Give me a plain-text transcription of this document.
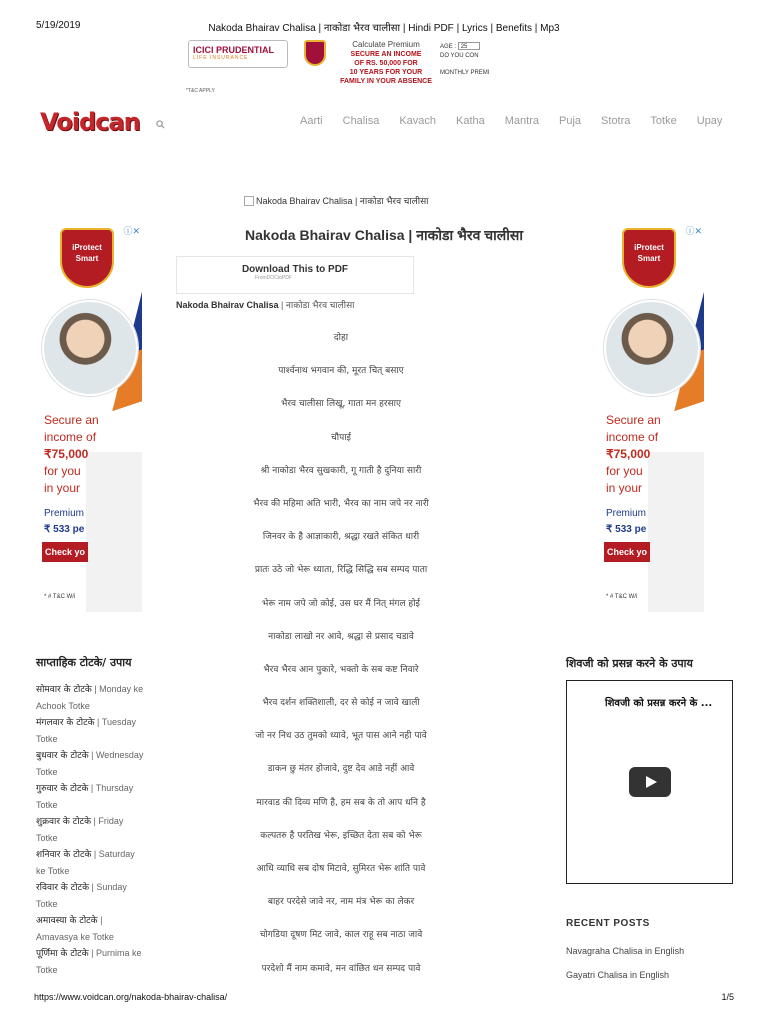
5/19/2019	Nakoda Bhairav Chalisa | नाकोडा भैरव चालीसा | Hindi PDF | Lyrics | Benefits | Mp3
ICICI PRUDENTIAL
LIFE INSURANCE
Calculate Premium
SECURE AN INCOME
OF RS. 50,000 FOR
10 YEARS FOR YOUR
FAMILY IN YOUR ABSENCE
AGE : 25
DO YOU CON
MONTHLY PREMI
*T&C APPLY
Voidcan	Aarti Chalisa Kavach Katha Mantra Puja Stotra Totke Upay
Nakoda Bhairav Chalisa | नाकोडा भैरव चालीसा
Nakoda Bhairav Chalisa | नाकोडा भैरव चालीसा
Download This to PDF
FromDOCtoPDF
Nakoda Bhairav Chalisa | नाकोडा भैरव चालीसा

दोहा

पार्श्वनाथ भगवान की, मूरत चित् बसाए

भैरव चालीसा लिखू, गाता मन हरसाए

चौपाई

श्री नाकोडा भैरव सुखकारी, गू गाती है दुनिया सारी

भैरव की महिमा अति भारी, भैरव का नाम जपे नर नारी

जिनवर के है आज्ञाकारी, श्रद्धा रखते संकित धारी

प्रातः उठे जो भेरू ध्याता, रिद्धि सिद्धि सब सम्पद पाता

भेरू नाम जपे जो कोई, उस घर मैं नित् मंगल होई

नाकोडा लाखो नर आवे, श्रद्धा से प्रसाद चडावे

भैरव भैरव आन पुकारे, भक्तो के सब कष्ट निवारे

भैरव दर्शन शक्तिशाली, दर से कोई न जावे खाली

जो नर निध उठ तुमको ध्यावे, भूत पास आने नही पावे

डाकन छु मंतर होजावे, दुष्ट देव आडे नहीं आवे

मारवाड की दिव्य मणि है, हम सब के तो आप धनि है

कल्पतरु है परतिख भेरू, इच्छित देता सब को भेरू

आधि व्याधि सब दोष मिटावे, सुमिरत भेरू शांति पावे

बाहर परदेसे जावे नर, नाम मंत्र भेरू का लेकर

चोगडिया दूषण मिट जावे, काल राहू सब नाठा जावे

परदेशो मैं नाम कमावे, मन वांछित धन सम्पद पावे

ⓘ✕
iProtect
Smart
Secure an
income of
₹75,000
for you
in your
Premium
₹ 533 pe
Check yo
* # T&C W/i
ⓘ✕
iProtect
Smart
Secure an
income of
₹75,000
for you
in your
Premium
₹ 533 pe
Check yo
* # T&C W/i
साप्ताहिक टोटके/ उपाय
सोमवार के टोटके | Monday ke Achook Totke
मंगलवार के टोटके | Tuesday Totke
बुधवार के टोटके | Wednesday Totke
गुरुवार के टोटके | Thursday Totke
शुक्रवार के टोटके | Friday Totke
शनिवार के टोटके | Saturday ke Totke
रविवार के टोटके | Sunday Totke
अमावस्या के टोटके | Amavasya ke Totke
पूर्णिमा के टोटके | Purnima ke Totke
शिवजी को प्रसन्न करने के उपाय
शिवजी को प्रसन्न करने के ...
RECENT POSTS
Navagraha Chalisa in English
Gayatri Chalisa in English
https://www.voidcan.org/nakoda-bhairav-chalisa/	1/5
